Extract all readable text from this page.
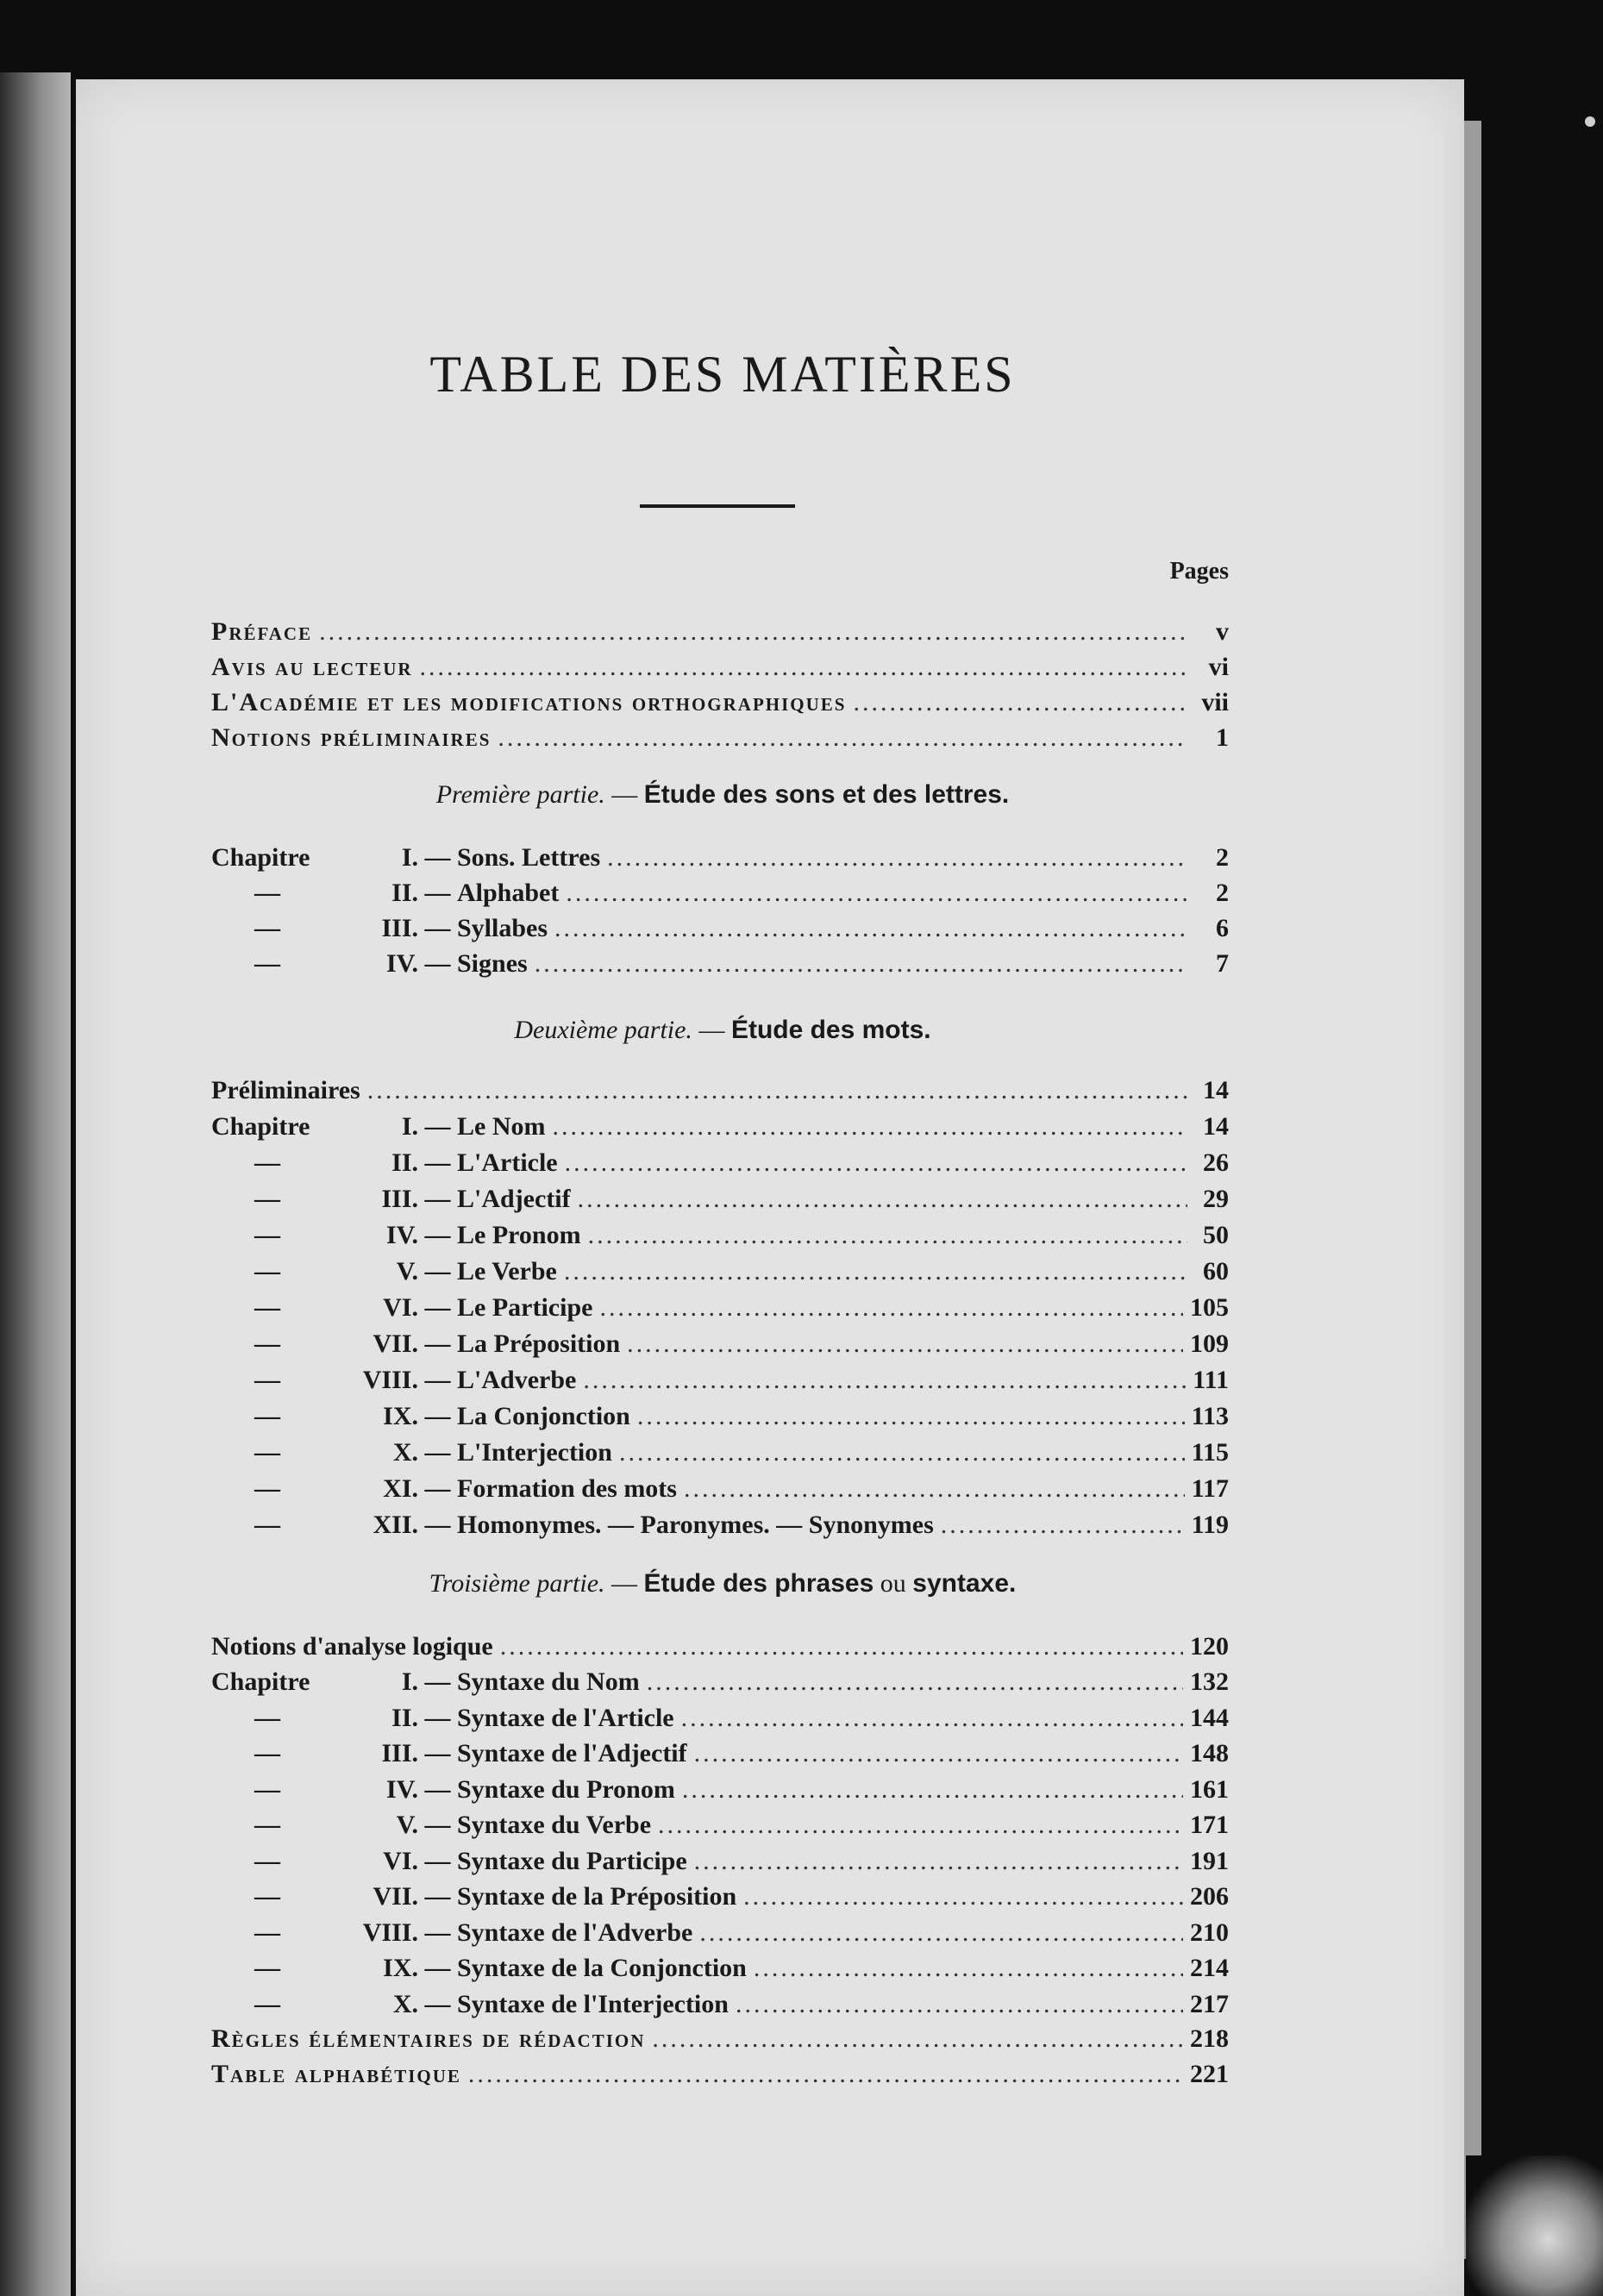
TABLE DES MATIÈRES
Pages
Préface .....	v
Avis au lecteur .....	vi
L'Académie et les modifications orthographiques .....	vii
Notions préliminaires .....	1
Première partie. — Étude des sons et des lettres.
Chapitre	I. — Sons. Lettres .....	2
—	II. — Alphabet .....	2
—	III. — Syllabes .....	6
—	IV. — Signes .....	7
Deuxième partie. — Étude des mots.
Préliminaires .....	14
Chapitre	I. — Le Nom .....	14
—	II. — L'Article .....	26
—	III. — L'Adjectif .....	29
—	IV. — Le Pronom .....	50
—	V. — Le Verbe .....	60
—	VI. — Le Participe .....	105
—	VII. — La Préposition .....	109
—	VIII. — L'Adverbe .....	111
—	IX. — La Conjonction .....	113
—	X. — L'Interjection .....	115
—	XI. — Formation des mots .....	117
—	XII. — Homonymes. — Paronymes. — Synonymes .....	119
Troisième partie. — Étude des phrases ou syntaxe.
Notions d'analyse logique .....	120
Chapitre	I. — Syntaxe du Nom .....	132
—	II. — Syntaxe de l'Article .....	144
—	III. — Syntaxe de l'Adjectif .....	148
—	IV. — Syntaxe du Pronom .....	161
—	V. — Syntaxe du Verbe .....	171
—	VI. — Syntaxe du Participe .....	191
—	VII. — Syntaxe de la Préposition .....	206
—	VIII. — Syntaxe de l'Adverbe .....	210
—	IX. — Syntaxe de la Conjonction .....	214
—	X. — Syntaxe de l'Interjection .....	217
Règles élémentaires de rédaction .....	218
Table alphabétique .....	221
